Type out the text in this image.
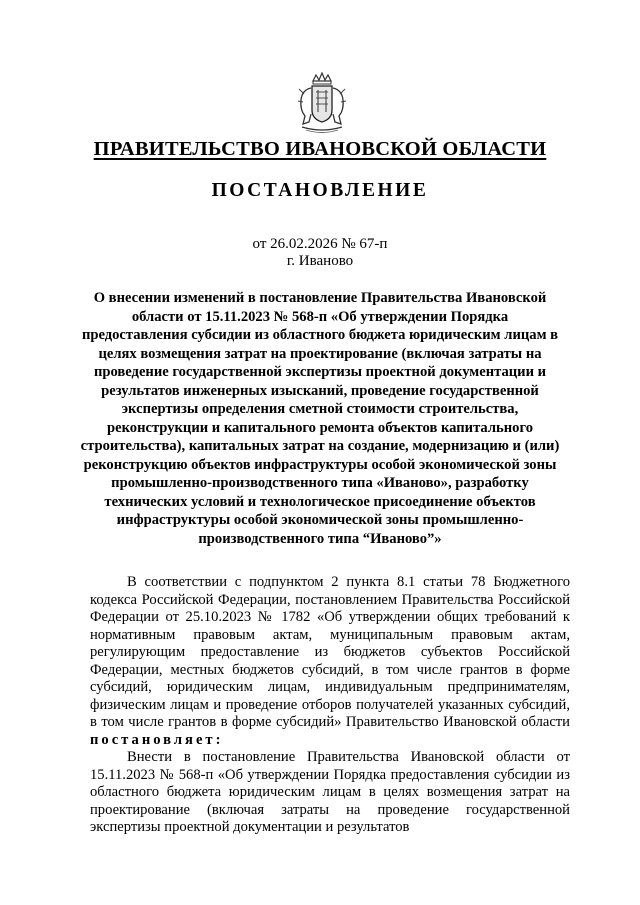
ПРАВИТЕЛЬСТВО ИВАНОВСКОЙ ОБЛАСТИ
ПОСТАНОВЛЕНИЕ
от 26.02.2026 № 67-п
г. Иваново

О внесении изменений в постановление Правительства Ивановской области от 15.11.2023 № 568-п «Об утверждении Порядка предоставления субсидии из областного бюджета юридическим лицам в целях возмещения затрат на проектирование (включая затраты на проведение государственной экспертизы проектной документации и результатов инженерных изысканий, проведение государственной экспертизы определения сметной стоимости строительства, реконструкции и капитального ремонта объектов капитального строительства), капитальных затрат на создание, модернизацию и (или) реконструкцию объектов инфраструктуры особой экономической зоны промышленно-производственного типа «Иваново», разработку технических условий и технологическое присоединение объектов инфраструктуры особой экономической зоны промышленно-производственного типа “Иваново”»

В соответствии с подпунктом 2 пункта 8.1 статьи 78 Бюджетного кодекса Российской Федерации, постановлением Правительства Российской Федерации от 25.10.2023 № 1782 «Об утверждении общих требований к нормативным правовым актам, муниципальным правовым актам, регулирующим предоставление из бюджетов субъектов Российской Федерации, местных бюджетов субсидий, в том числе грантов в форме субсидий, юридическим лицам, индивидуальным предпринимателям, физическим лицам и проведение отборов получателей указанных субсидий, в том числе грантов в форме субсидий» Правительство Ивановской области постановляет:

Внести в постановление Правительства Ивановской области от 15.11.2023 № 568-п «Об утверждении Порядка предоставления субсидии из областного бюджета юридическим лицам в целях возмещения затрат на проектирование (включая затраты на проведение государственной экспертизы проектной документации и результатов
